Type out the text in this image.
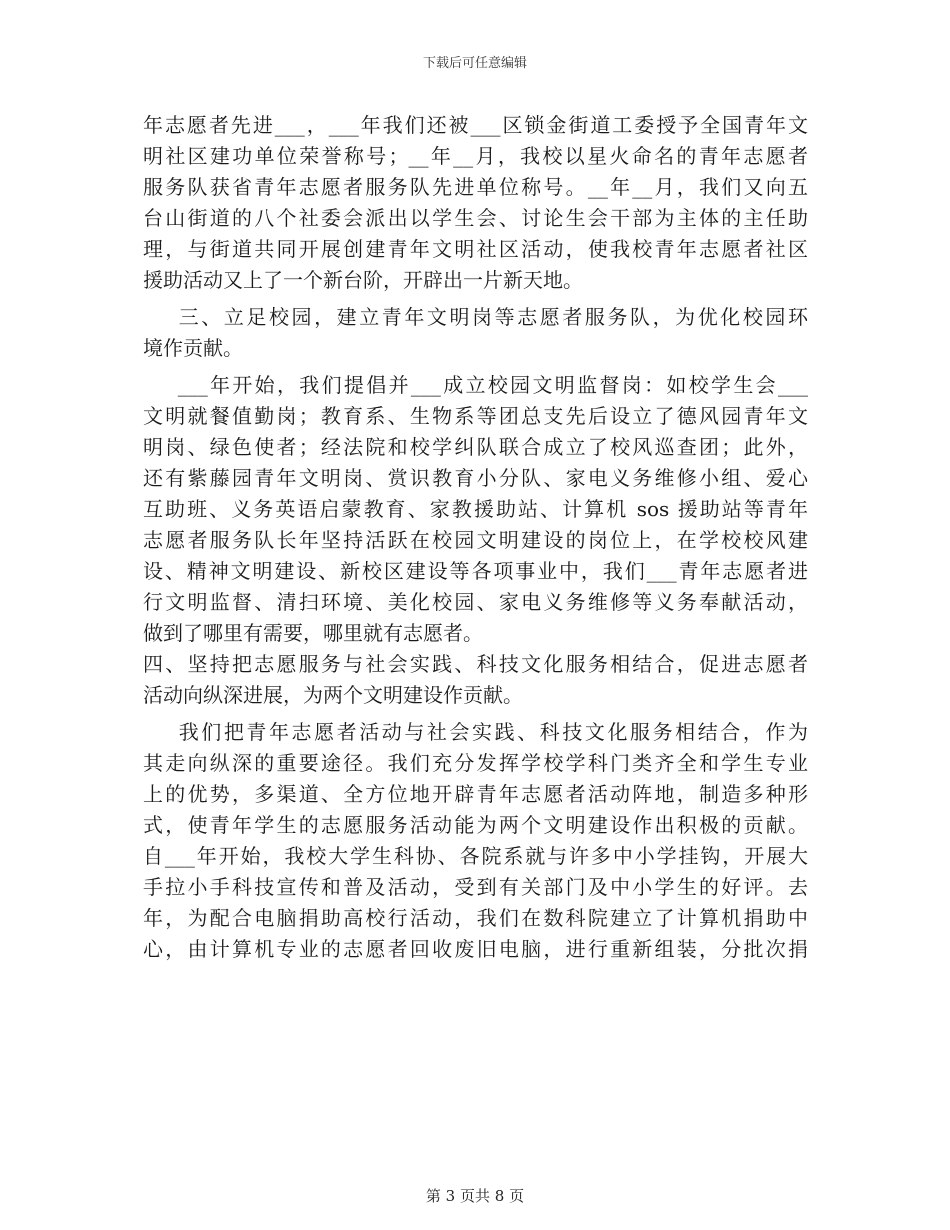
下载后可任意编辑
年志愿者先进___，___年我们还被___区锁金街道工委授予全国青年文
明社区建功单位荣誉称号；__年__月，我校以星火命名的青年志愿者
服务队获省青年志愿者服务队先进单位称号。__年__月，我们又向五
台山街道的八个社委会派出以学生会、讨论生会干部为主体的主任助
理，与街道共同开展创建青年文明社区活动，使我校青年志愿者社区
援助活动又上了一个新台阶，开辟出一片新天地。
三、立足校园，建立青年文明岗等志愿者服务队，为优化校园环
境作贡献。
___年开始，我们提倡并___成立校园文明监督岗：如校学生会___
文明就餐值勤岗；教育系、生物系等团总支先后设立了德风园青年文
明岗、绿色使者；经法院和校学纠队联合成立了校风巡查团；此外，
还有紫藤园青年文明岗、赏识教育小分队、家电义务维修小组、爱心
互助班、义务英语启蒙教育、家教援助站、计算机 sos 援助站等青年
志愿者服务队长年坚持活跃在校园文明建设的岗位上，在学校校风建
设、精神文明建设、新校区建设等各项事业中，我们___青年志愿者进
行文明监督、清扫环境、美化校园、家电义务维修等义务奉献活动，
做到了哪里有需要，哪里就有志愿者。
四、坚持把志愿服务与社会实践、科技文化服务相结合，促进志愿者
活动向纵深进展，为两个文明建设作贡献。
我们把青年志愿者活动与社会实践、科技文化服务相结合，作为
其走向纵深的重要途径。我们充分发挥学校学科门类齐全和学生专业
上的优势，多渠道、全方位地开辟青年志愿者活动阵地，制造多种形
式，使青年学生的志愿服务活动能为两个文明建设作出积极的贡献。
自___年开始，我校大学生科协、各院系就与许多中小学挂钩，开展大
手拉小手科技宣传和普及活动，受到有关部门及中小学生的好评。去
年，为配合电脑捐助高校行活动，我们在数科院建立了计算机捐助中
心，由计算机专业的志愿者回收废旧电脑，进行重新组装，分批次捐
第 3 页共 8 页
